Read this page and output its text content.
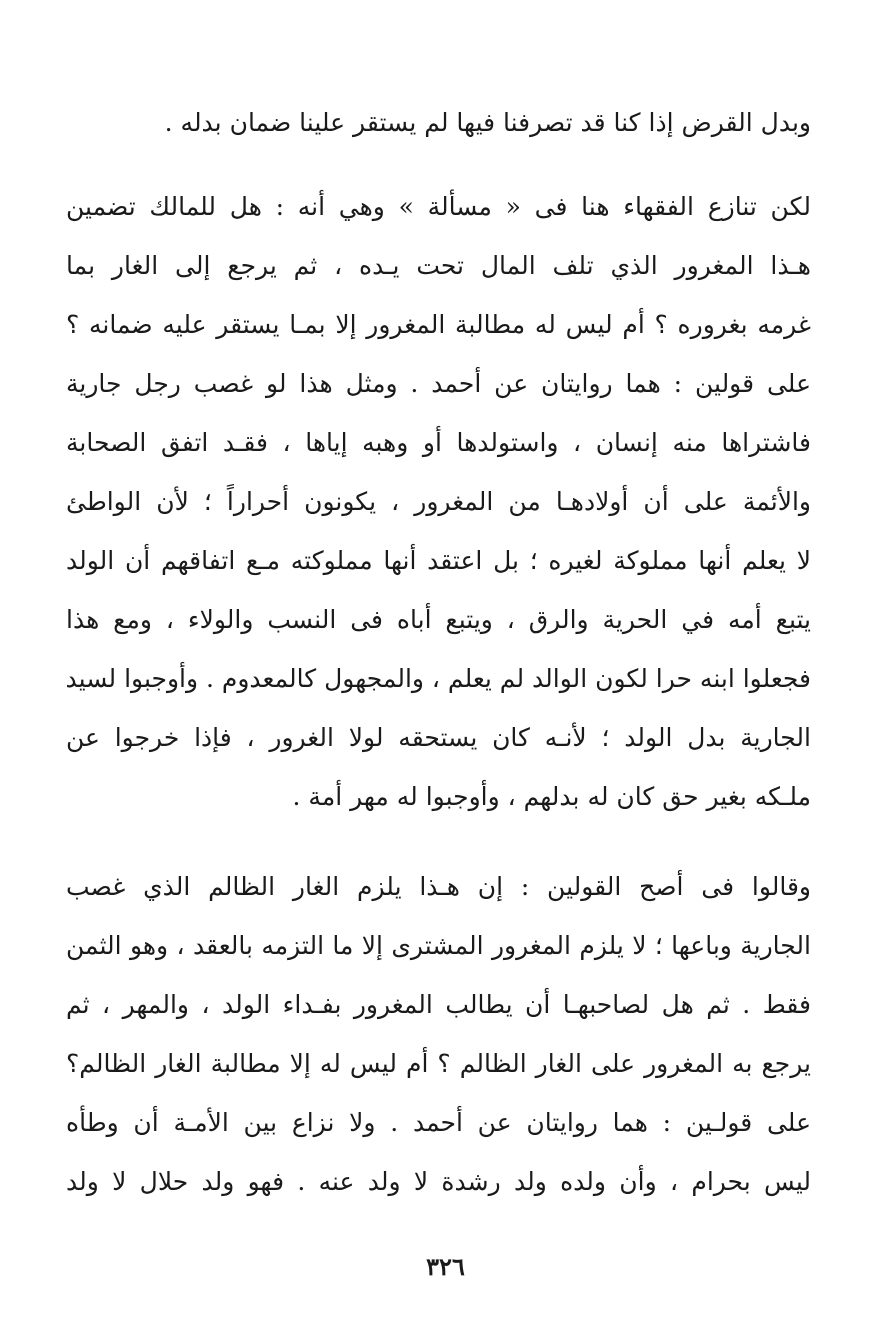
وبدل القرض إذا كنا قد تصرفنا فيها لم يستقر علينا ضمان بدله .
لكن تنازع الفقهاء هنا فى « مسألة » وهي أنه : هل للمالك تضمين
هـذا المغرور الذي تلف المال تحت يـده ، ثم يرجع إلى الغار بما
غرمه بغروره ؟ أم ليس له مطالبة المغرور إلا بمـا يستقر عليه ضمانه ؟
على قولين : هما روايتان عن أحمد . ومثل هذا لو غصب رجل جارية
فاشتراها منه إنسان ، واستولدها أو وهبه إياها ، فقـد اتفق الصحابة
والأئمة على أن أولادهـا من المغرور ، يكونون أحراراً ؛ لأن الواطئ
لا يعلم أنها مملوكة لغيره ؛ بل اعتقد أنها مملوكته مـع اتفاقهم أن الولد
يتبع أمه في الحرية والرق ، ويتبع أباه فى النسب والولاء ، ومع هذا
فجعلوا ابنه حرا لكون الوالد لم يعلم ، والمجهول كالمعدوم . وأوجبوا لسيد
الجارية بدل الولد ؛ لأنـه كان يستحقه لولا الغرور ، فإذا خرجوا عن
ملـكه بغير حق كان له بدلهم ، وأوجبوا له مهر أمة .
وقالوا فى أصح القولين : إن هـذا يلزم الغار الظالم الذي غصب
الجارية وباعها ؛ لا يلزم المغرور المشترى إلا ما التزمه بالعقد ، وهو الثمن
فقط . ثم هل لصاحبهـا أن يطالب المغرور بفـداء الولد ، والمهر ، ثم
يرجع به المغرور على الغار الظالم ؟ أم ليس له إلا مطالبة الغار الظالم؟
على قولـين : هما روايتان عن أحمد . ولا نزاع بين الأمـة أن وطأه
ليس بحرام ، وأن ولده ولد رشدة لا ولد عنه . فهو ولد حلال لا ولد
٣٢٦
